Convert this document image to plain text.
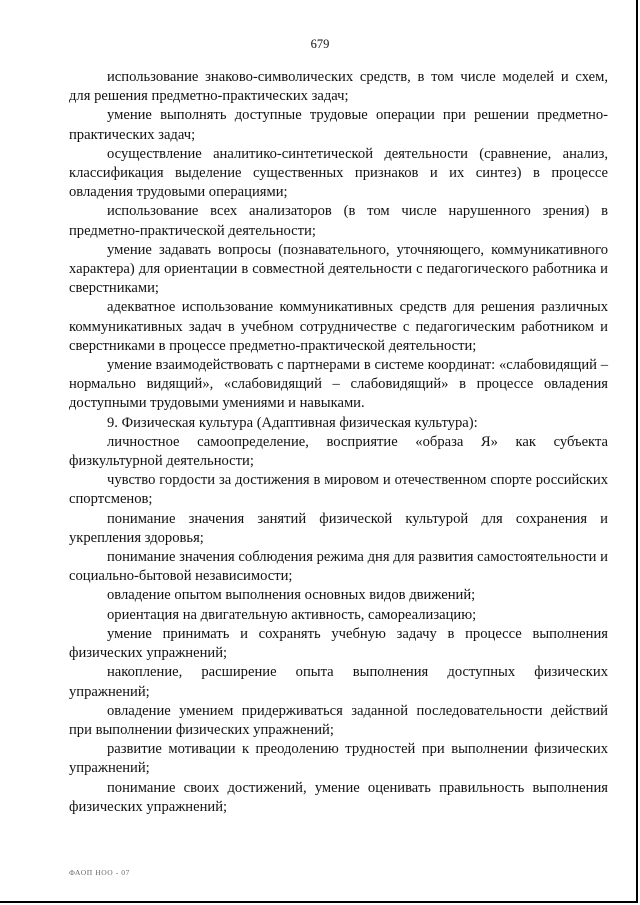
679

использование знаково-символических средств, в том числе моделей и схем, для решения предметно-практических задач;

умение выполнять доступные трудовые операции при решении предметно-практических задач;

осуществление аналитико-синтетической деятельности (сравнение, анализ, классификация выделение существенных признаков и их синтез) в процессе овладения трудовыми операциями;

использование всех анализаторов (в том числе нарушенного зрения) в предметно-практической деятельности;

умение задавать вопросы (познавательного, уточняющего, коммуникативного характера) для ориентации в совместной деятельности с педагогического работника и сверстниками;

адекватное использование коммуникативных средств для решения различных коммуникативных задач в учебном сотрудничестве с педагогическим работником и сверстниками в процессе предметно-практической деятельности;

умение взаимодействовать с партнерами в системе координат: «слабовидящий – нормально видящий», «слабовидящий – слабовидящий» в процессе овладения доступными трудовыми умениями и навыками.

9. Физическая культура (Адаптивная физическая культура):

личностное самоопределение, восприятие «образа Я» как субъекта физкультурной деятельности;

чувство гордости за достижения в мировом и отечественном спорте российских спортсменов;

понимание значения занятий физической культурой для сохранения и укрепления здоровья;

понимание значения соблюдения режима дня для развития самостоятельности и социально-бытовой независимости;

овладение опытом выполнения основных видов движений;

ориентация на двигательную активность, самореализацию;

умение принимать и сохранять учебную задачу в процессе выполнения физических упражнений;

накопление, расширение опыта выполнения доступных физических упражнений;

овладение умением придерживаться заданной последовательности действий при выполнении физических упражнений;

развитие мотивации к преодолению трудностей при выполнении физических упражнений;

понимание своих достижений, умение оценивать правильность выполнения физических упражнений;

ФАОП НОО - 07
